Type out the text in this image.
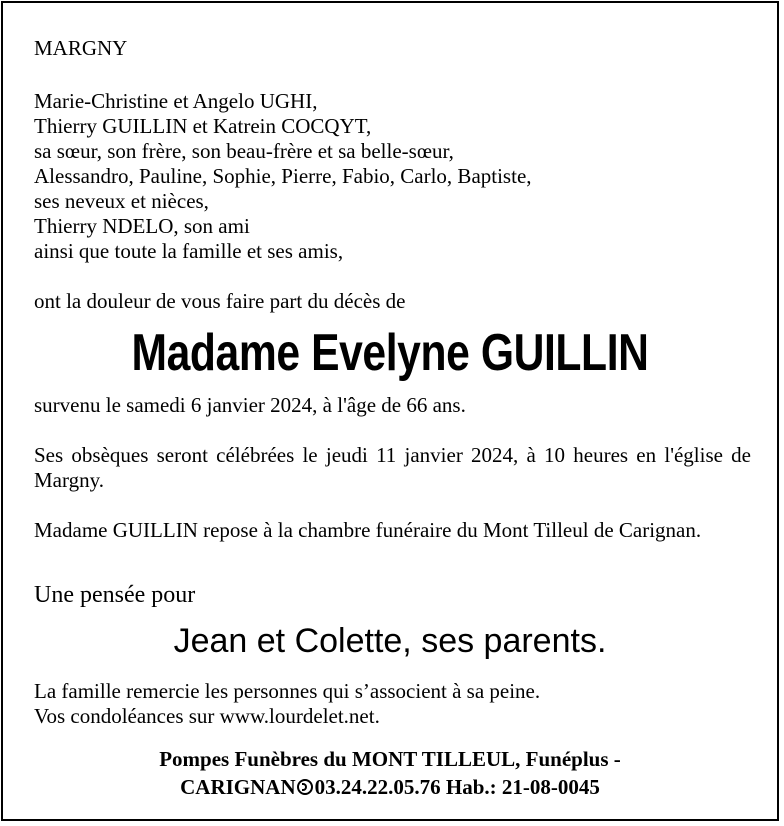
MARGNY
Marie-Christine et Angelo UGHI,
Thierry GUILLIN et Katrein COCQYT,
sa sœur, son frère, son beau-frère et sa belle-sœur,
Alessandro, Pauline, Sophie, Pierre, Fabio, Carlo, Baptiste,
ses neveux et nièces,
Thierry NDELO, son ami
ainsi que toute la famille et ses amis,
ont la douleur de vous faire part du décès de
Madame Evelyne GUILLIN
survenu le samedi 6 janvier 2024, à l'âge de 66 ans.
Ses obsèques seront célébrées le jeudi 11 janvier 2024, à 10 heures en l'église de Margny.
Madame GUILLIN repose à la chambre funéraire du Mont Tilleul de Carignan.
Une pensée pour
Jean et Colette, ses parents.
La famille remercie les personnes qui s’associent à sa peine.
Vos condoléances sur www.lourdelet.net.
Pompes Funèbres du MONT TILLEUL, Funéplus -
CARIGNAN 03.24.22.05.76 Hab.: 21-08-0045
